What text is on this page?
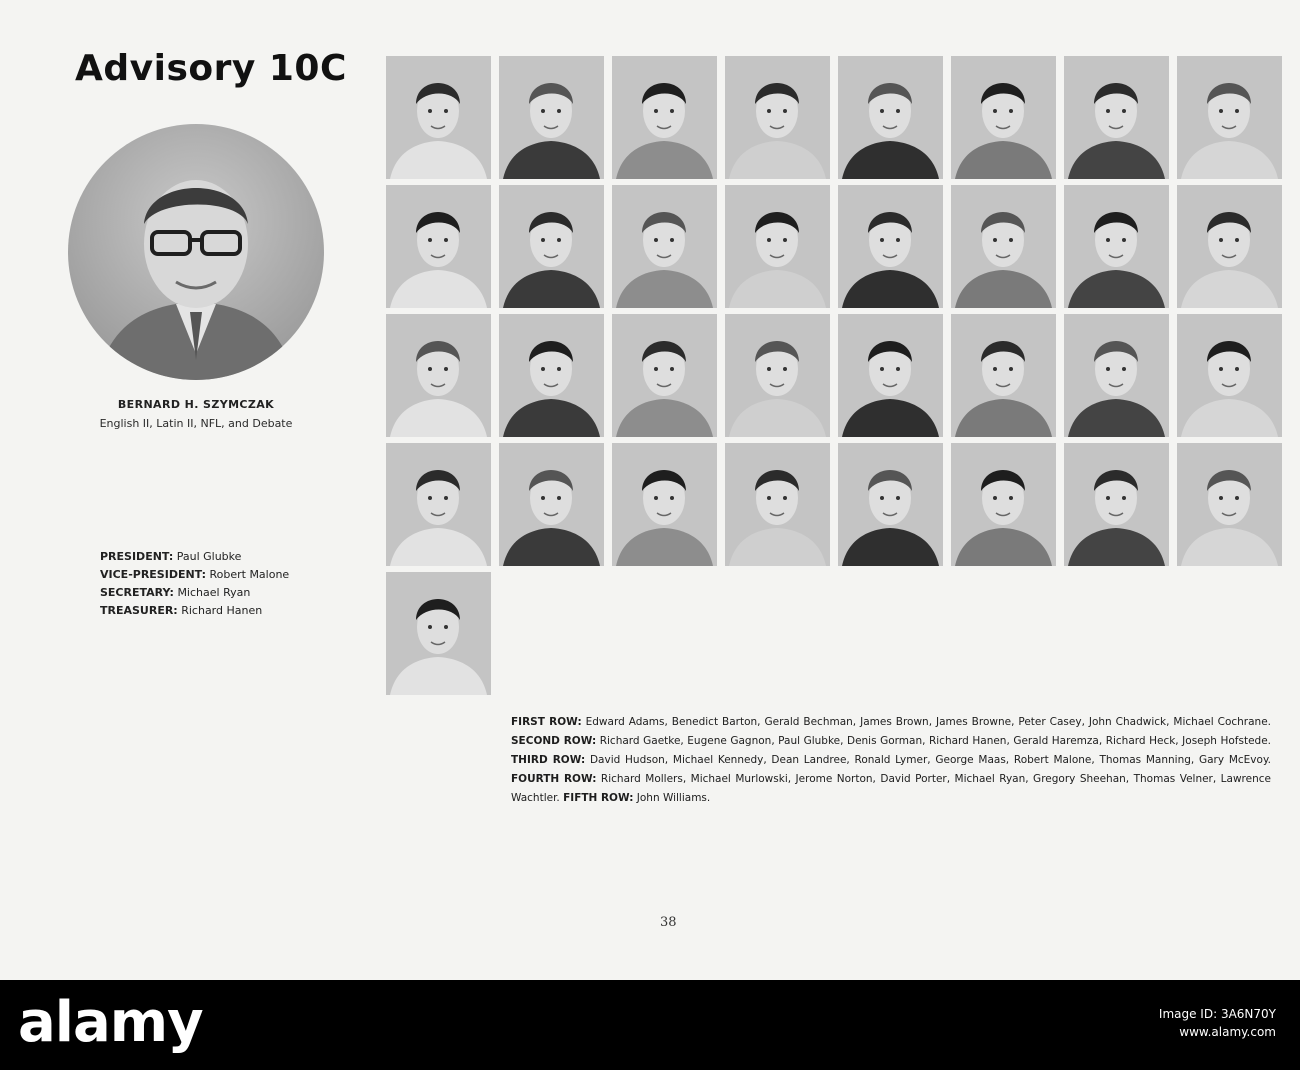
Advisory 10C
BERNARD H. SZYMCZAK
English II, Latin II, NFL, and Debate
PRESIDENT: Paul Glubke
VICE-PRESIDENT: Robert Malone
SECRETARY: Michael Ryan
TREASURER: Richard Hanen
FIRST ROW: Edward Adams, Benedict Barton, Gerald Bechman, James Brown, James Browne, Peter Casey, John Chadwick, Michael Cochrane. SECOND ROW: Richard Gaetke, Eugene Gagnon, Paul Glubke, Denis Gorman, Richard Hanen, Gerald Haremza, Richard Heck, Joseph Hofstede. THIRD ROW: David Hudson, Michael Kennedy, Dean Landree, Ronald Lymer, George Maas, Robert Malone, Thomas Manning, Gary McEvoy. FOURTH ROW: Richard Mollers, Michael Murlowski, Jerome Norton, David Porter, Michael Ryan, Gregory Sheehan, Thomas Velner, Lawrence Wachtler. FIFTH ROW: John Williams.
38
alamy	Image ID: 3A6N70Y
www.alamy.com
